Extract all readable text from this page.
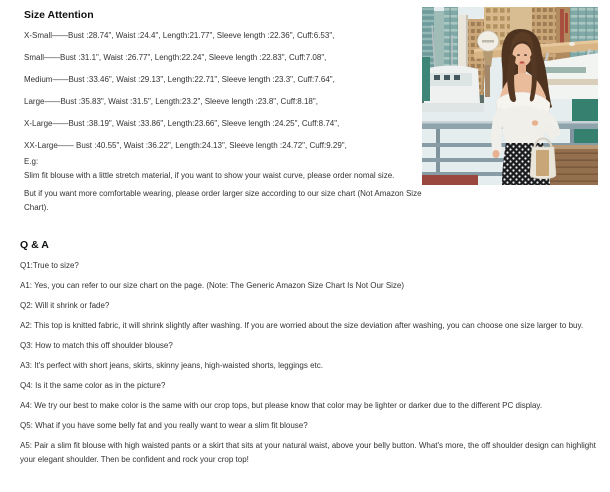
Size Attention

X-Small——Bust :28.74", Waist :24.4", Length:21.77", Sleeve length :22.36", Cuff:6.53",

Small——Bust :31.1", Waist :26.77", Length:22.24", Sleeve length :22.83", Cuff:7.08",

Medium——Bust :33.46", Waist :29.13", Length:22.71", Sleeve length :23.3", Cuff:7.64",

Large——Bust :35.83", Waist :31.5", Length:23.2", Sleeve length :23.8", Cuff:8.18",

X-Large——Bust :38.19", Waist :33.86", Length:23.66", Sleeve length :24.25", Cuff:8.74",

XX-Large—— Bust :40.55", Waist :36.22", Length:24.13", Sleeve length :24.72", Cuff:9.29",

E.g:

Slim fit blouse with a little stretch material, if you want to show your waist curve, please order nomal size.

But if you want more comfortable wearing, please order larger size according to our size chart (Not Amazon Size Chart).

Q & A

Q1:True to size?

A1: Yes, you can refer to our size chart on the page. (Note: The Generic Amazon Size Chart Is Not Our Size)

Q2: Will it shrink or fade?

A2: This top is knitted fabric, it will shrink slightly after washing. If you are worried about the size deviation after washing, you can choose one size larger to buy.

Q3: How to match this off shoulder blouse?

A3: It's perfect with short jeans, skirts, skinny jeans, high-waisted shorts, leggings etc.

Q4: Is it the same color as in the picture?

A4: We try our best to make color is the same with our crop tops, but please know that color may be lighter or darker due to the different PC display.

Q5: What if you have some belly fat and you really want to wear a slim fit blouse?

A5: Pair a slim fit blouse with high waisted pants or a skirt that sits at your natural waist, above your belly button. What's more, the off shoulder design can highlight your elegant shoulder. Then be confident and rock your crop top!
